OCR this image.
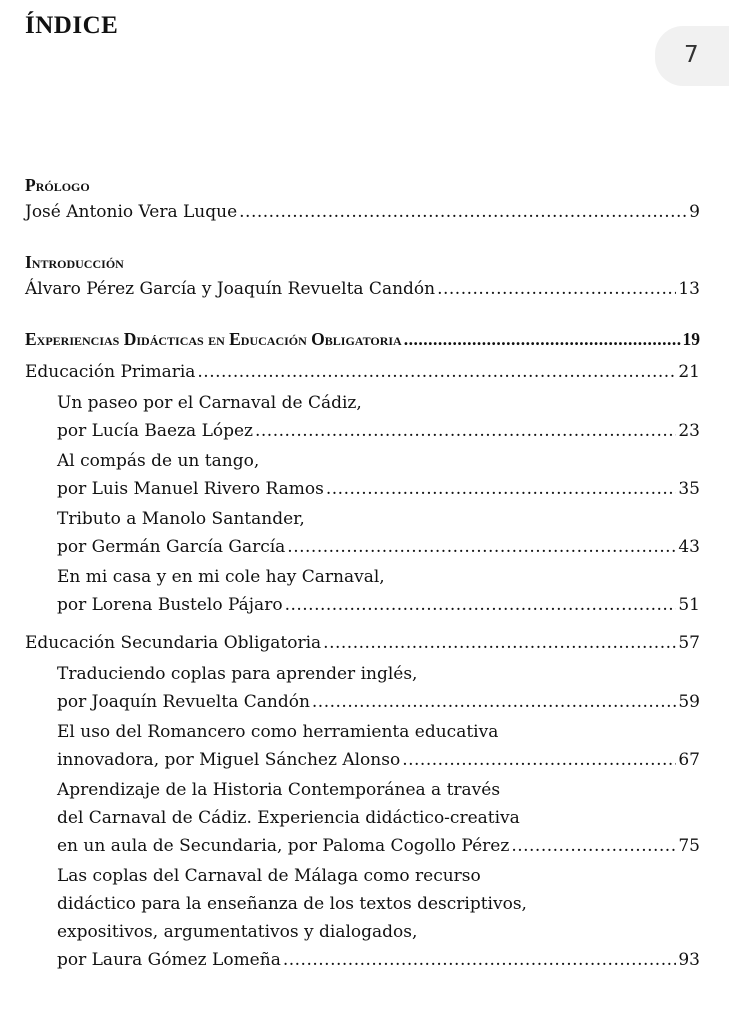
ÍNDICE
7
Prólogo
José Antonio Vera Luque .....	9
Introducción
Álvaro Pérez García y Joaquín Revuelta Candón .....	13
Experiencias Didácticas en Educación Obligatoria .....	19
Educación Primaria .....	21
Un paseo por el Carnaval de Cádiz,
por Lucía Baeza López .....	23
Al compás de un tango,
por Luis Manuel Rivero Ramos .....	35
Tributo a Manolo Santander,
por Germán García García .....	43
En mi casa y en mi cole hay Carnaval,
por Lorena Bustelo Pájaro .....	51
Educación Secundaria Obligatoria .....	57
Traduciendo coplas para aprender inglés,
por Joaquín Revuelta Candón .....	59
El uso del Romancero como herramienta educativa
innovadora, por Miguel Sánchez Alonso .....	67
Aprendizaje de la Historia Contemporánea a través
del Carnaval de Cádiz. Experiencia didáctico-creativa
en un aula de Secundaria, por Paloma Cogollo Pérez .....	75
Las coplas del Carnaval de Málaga como recurso
didáctico para la enseñanza de los textos descriptivos,
expositivos, argumentativos y dialogados,
por Laura Gómez Lomeña .....	93
